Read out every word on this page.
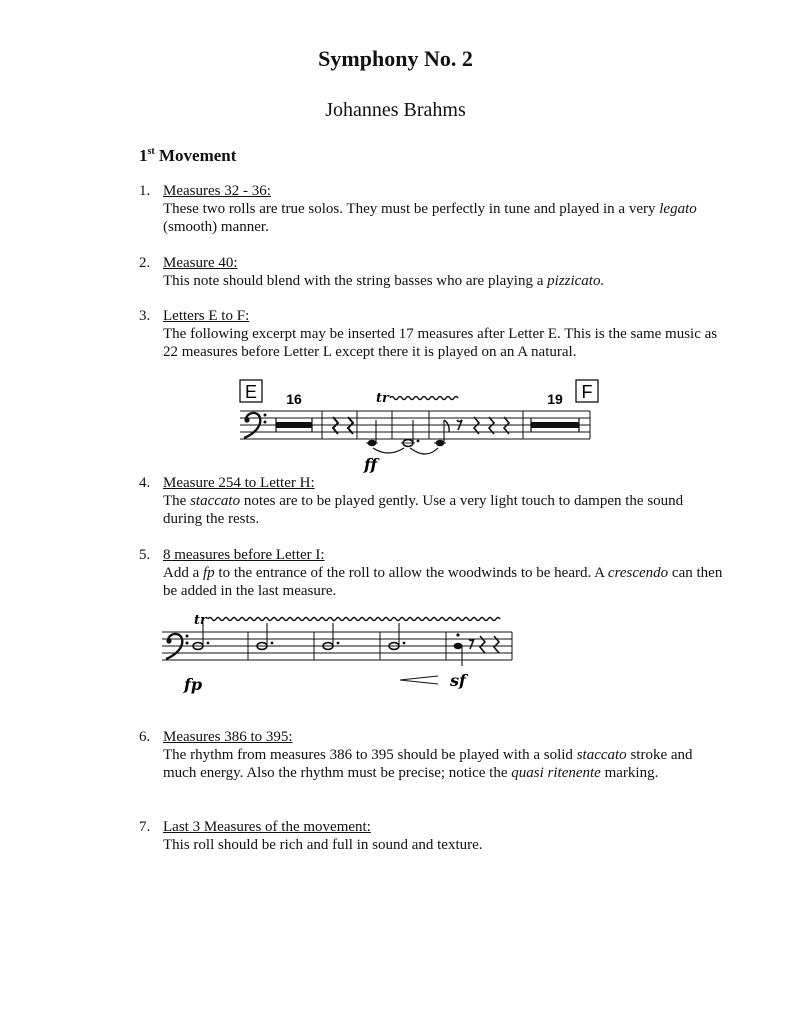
Symphony No. 2
Johannes Brahms
1st Movement
1. Measures 32 - 36:

These two rolls are true solos. They must be perfectly in tune and played in a very legato (smooth) manner.

2. Measure 40:

This note should blend with the string basses who are playing a pizzicato.

3. Letters E to F:

The following excerpt may be inserted 17 measures after Letter E. This is the same music as 22 measures before Letter L except there it is played on an A natural.

E	F
16	19
tr
ff
4. Measure 254 to Letter H:

The staccato notes are to be played gently. Use a very light touch to dampen the sound during the rests.

5. 8 measures before Letter I:

Add a fp to the entrance of the roll to allow the woodwinds to be heard. A crescendo can then be added in the last measure.

tr
fp	sf
6. Measures 386 to 395:

The rhythm from measures 386 to 395 should be played with a solid staccato stroke and much energy. Also the rhythm must be precise; notice the quasi ritenente marking.

7. Last 3 Measures of the movement:

This roll should be rich and full in sound and texture.
